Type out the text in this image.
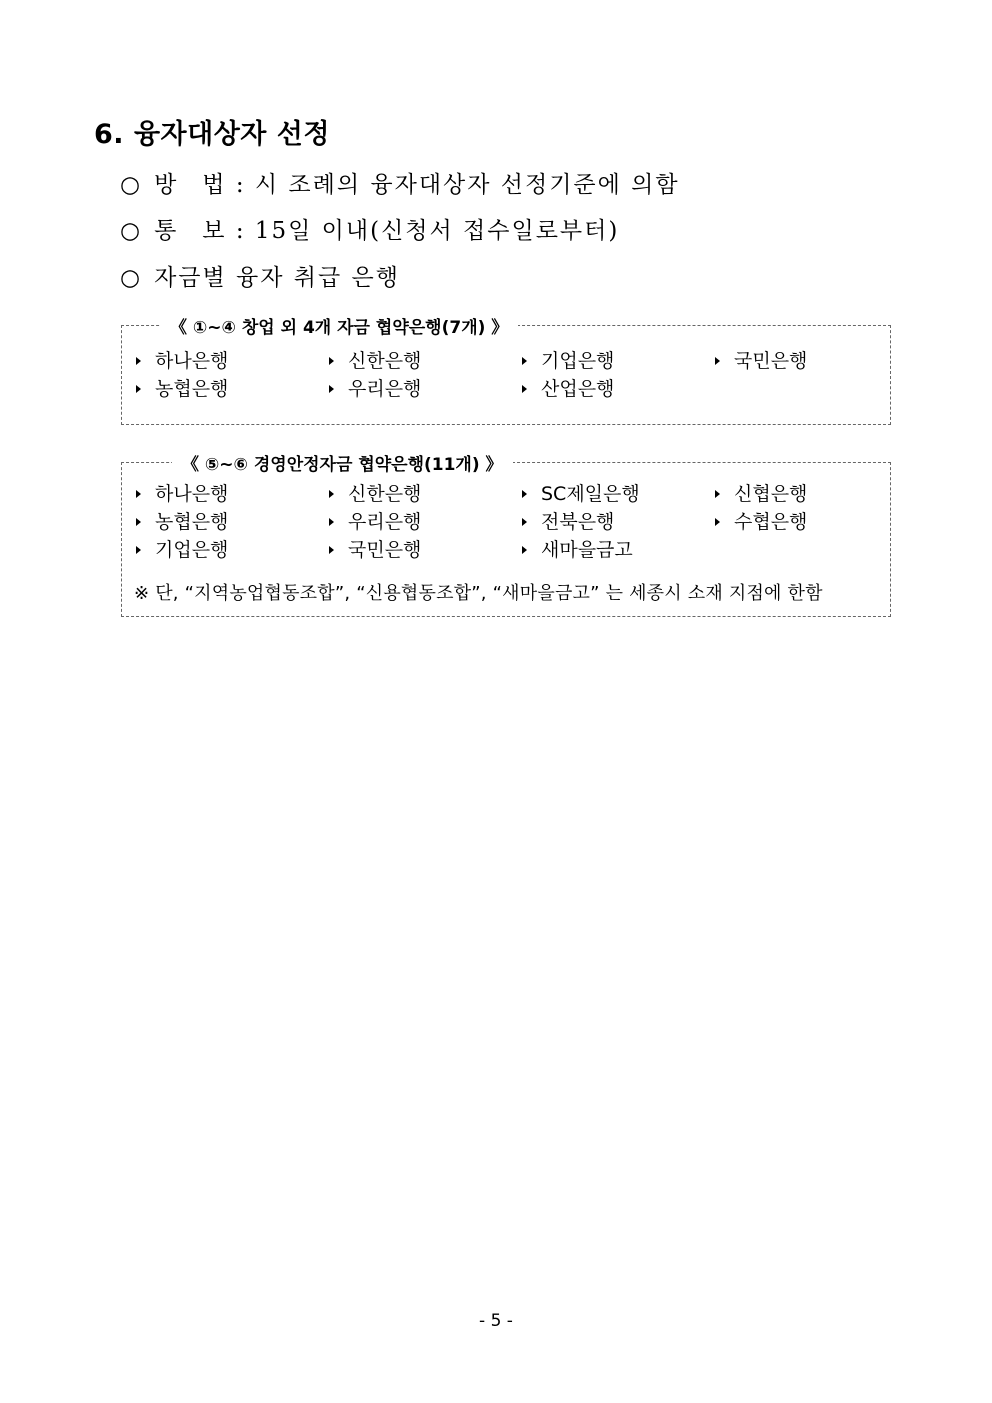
6. 융자대상자 선정
○ 방 법 : 시 조례의 융자대상자 선정기준에 의함
○ 통 보 : 15일 이내(신청서 접수일로부터)
○ 자금별 융자 취급 은행
《 ①~④ 창업 외 4개 자금 협약은행(7개) 》
하나은행	신한은행	기업은행	국민은행
농협은행	우리은행	산업은행
《 ⑤~⑥ 경영안정자금 협약은행(11개) 》
하나은행	신한은행	SC제일은행	신협은행
농협은행	우리은행	전북은행	수협은행
기업은행	국민은행	새마을금고
※ 단, “지역농업협동조합”, “신용협동조합”, “새마을금고” 는 세종시 소재 지점에 한함
- 5 -
